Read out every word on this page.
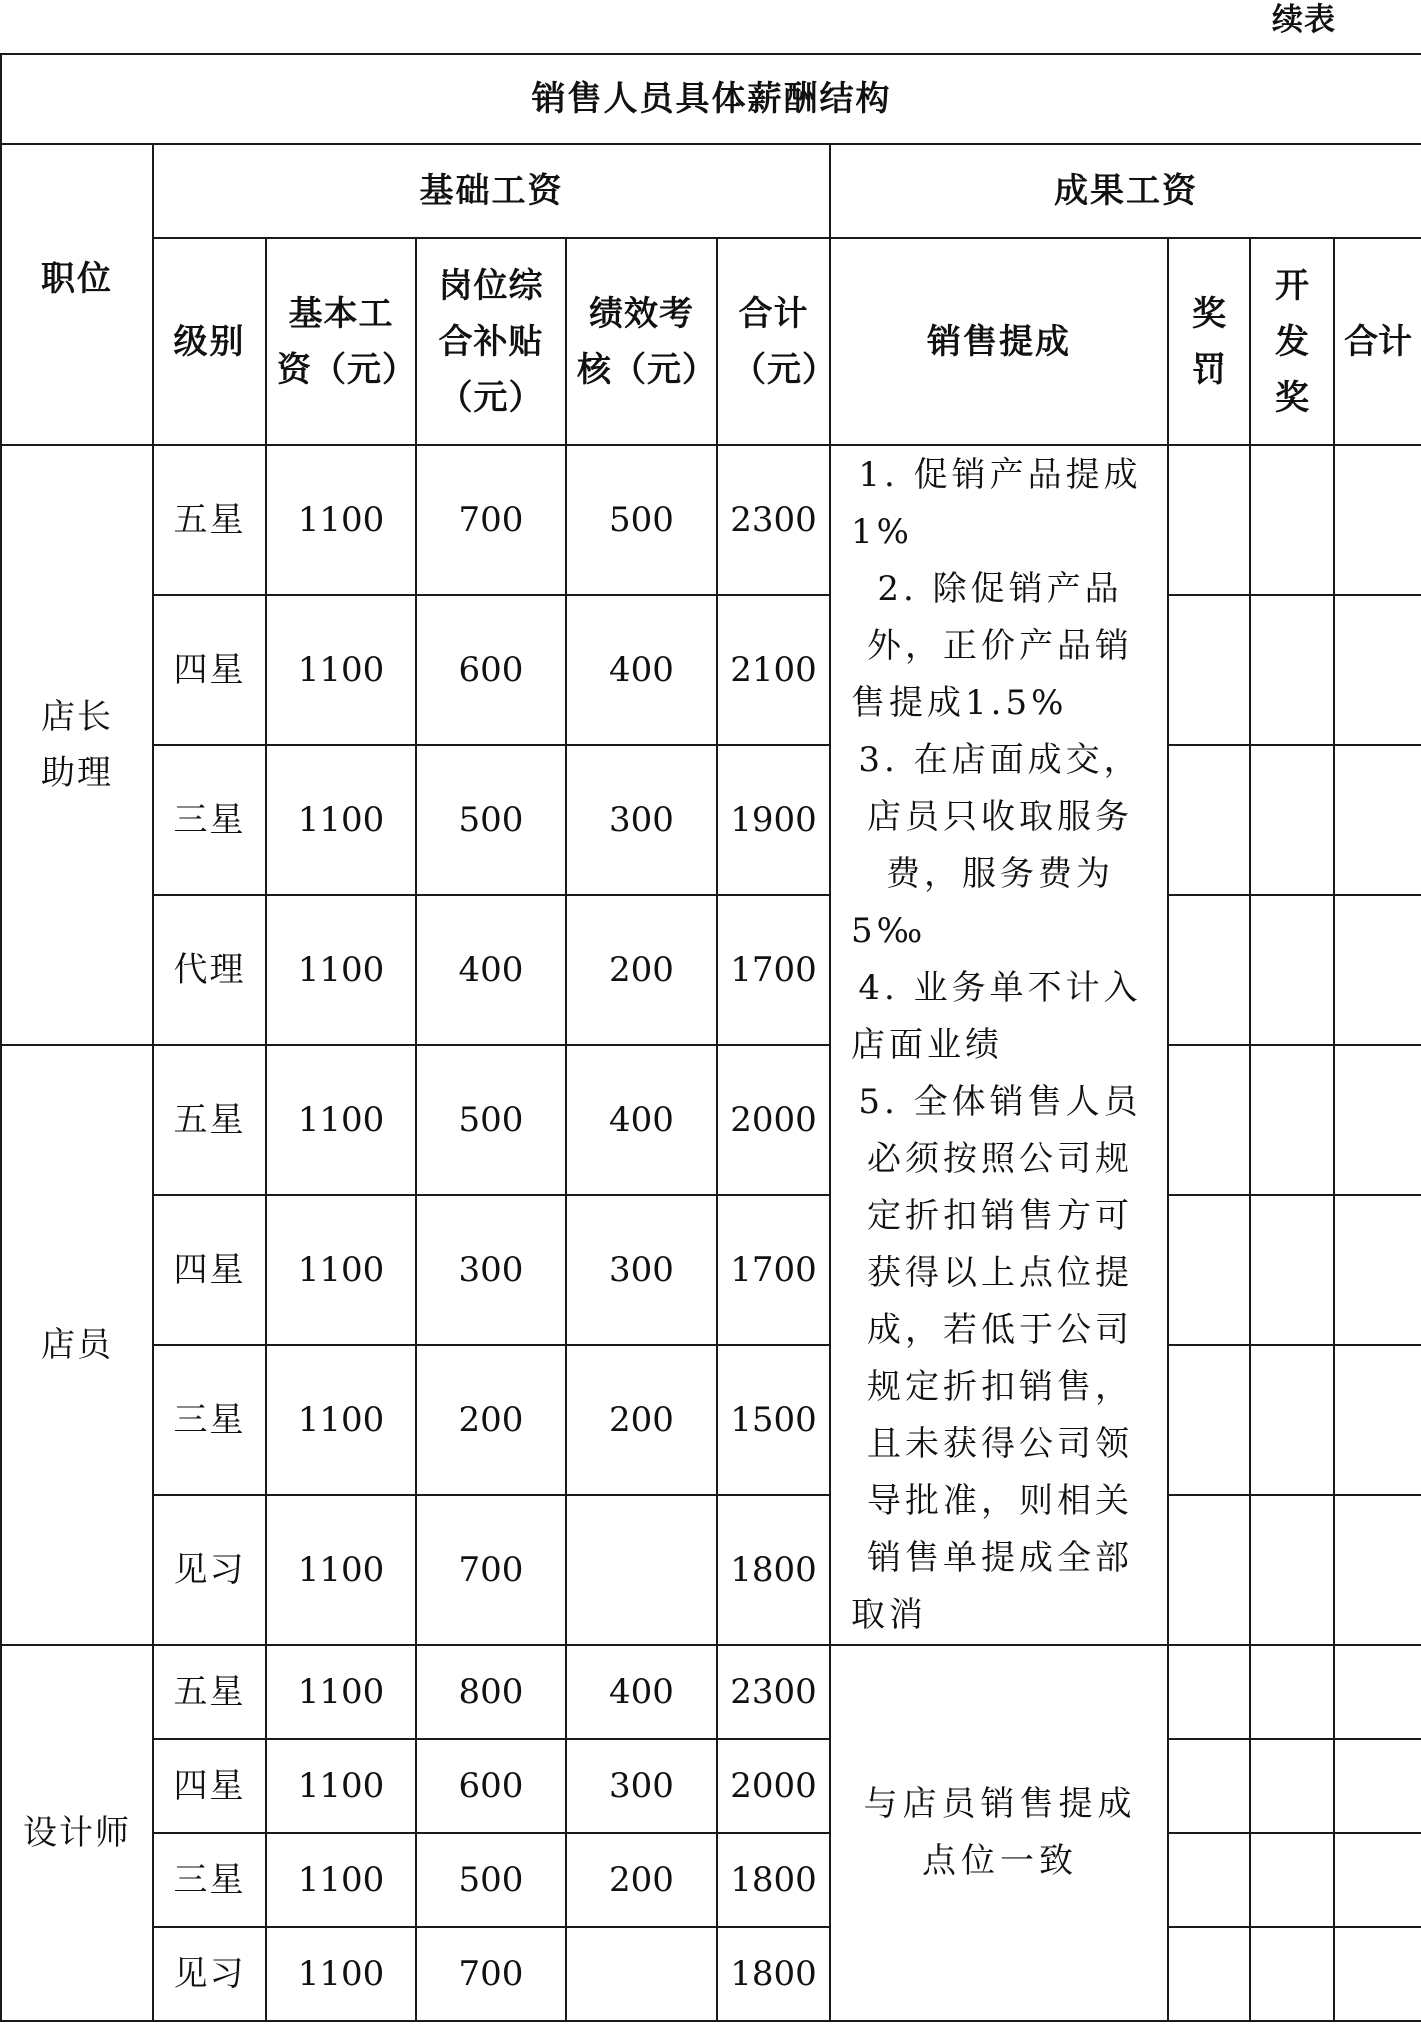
续表
销售人员具体薪酬结构									
职位	基础工资					成果工资			
	级别	基本工资（元）	岗位综合补贴（元）	绩效考核（元）	合计（元）	销售提成	奖罚	开发奖	合计
店长助理	五星	1100	700	500	2300	1. 促销产品提成1%
2. 除促销产品外，正价产品销售提成1.5%
3. 在店面成交，店员只收取服务费，服务费为5‰
4. 业务单不计入店面业绩
5. 全体销售人员必须按照公司规定折扣销售方可获得以上点位提成，若低于公司规定折扣销售，且未获得公司领导批准，则相关销售单提成全部取消			
	四星	1100	600	400	2100				
	三星	1100	500	300	1900				
	代理	1100	400	200	1700				
店员	五星	1100	500	400	2000				
	四星	1100	300	300	1700				
	三星	1100	200	200	1500				
	见习	1100	700		1800				
设计师	五星	1100	800	400	2300	与店员销售提成点位一致			
	四星	1100	600	300	2000				
	三星	1100	500	200	1800				
	见习	1100	700		1800				
